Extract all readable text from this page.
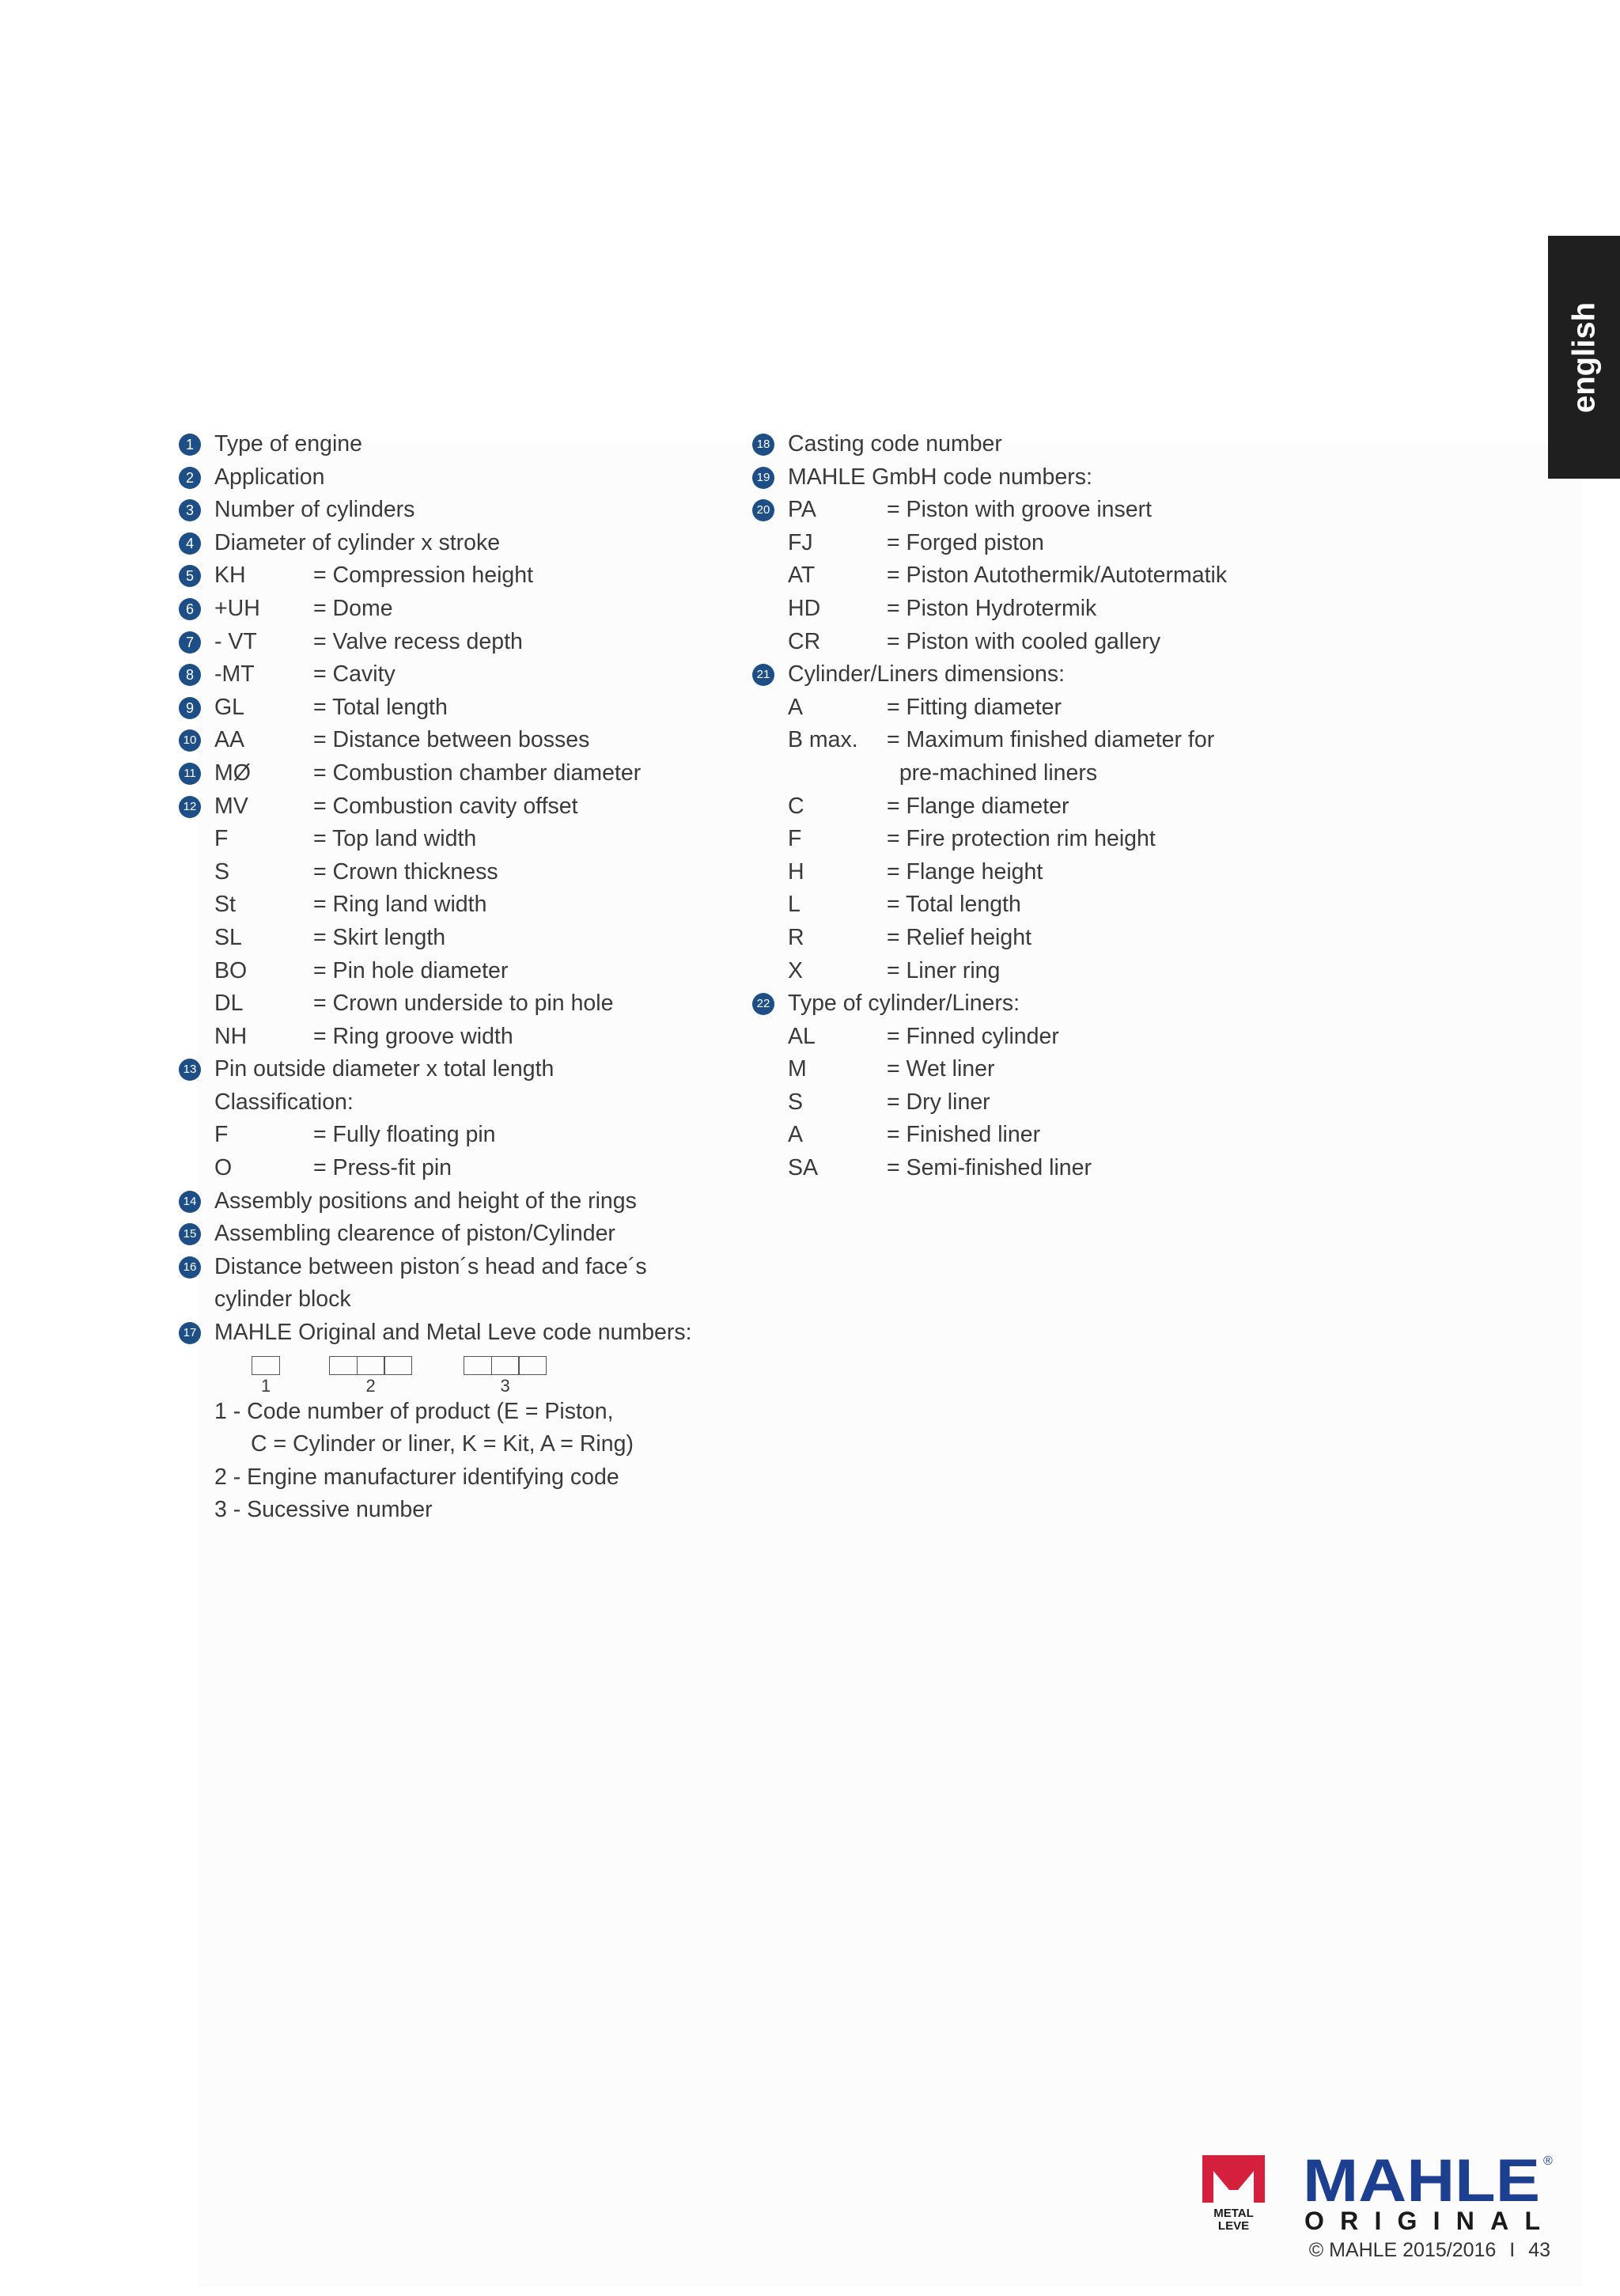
english
1 Type of engine
2 Application
3 Number of cylinders
4 Diameter of cylinder x stroke
5 KH	= Compression height
6 +UH = Dome
7 - VT = Valve recess depth
8 -MT	= Cavity
9 GL	= Total length
10 AA	= Distance between bosses
11 MØ	= Combustion chamber diameter
12 MV	= Combustion cavity offset
F	= Top land width
S	= Crown thickness
St	= Ring land width
SL	= Skirt length
BO	= Pin hole diameter
DL	= Crown underside to pin hole
NH	= Ring groove width
13 Pin outside diameter x total length
Classification:
F	= Fully floating pin
O	= Press-fit pin
14 Assembly positions and height of the rings
15 Assembling clearence of piston/Cylinder
16 Distance between piston´s head and face´s
cylinder block
17 MAHLE Original and Metal Leve code numbers:
1	2	3
1 - Code number of product (E = Piston,
C = Cylinder or liner, K = Kit, A = Ring)
2 - Engine manufacturer identifying code
3 - Sucessive number
18 Casting code number
19 MAHLE GmbH code numbers:
20 PA	= Piston with groove insert
FJ	= Forged piston
AT	= Piston Autothermik/Autotermatik
HD	= Piston Hydrotermik
CR	= Piston with cooled gallery
21 Cylinder/Liners dimensions:
A	= Fitting diameter
B max. = Maximum finished diameter for
pre-machined liners
C	= Flange diameter
F	= Fire protection rim height
H	= Flange height
L	= Total length
R	= Relief height
X	= Liner ring
22 Type of cylinder/Liners:
AL	= Finned cylinder
M	= Wet liner
S	= Dry liner
A	= Finished liner
SA	= Semi-finished liner
METAL
LEVE
MAHLE ®
ORIGINAL
© MAHLE 2015/2016 I 43
